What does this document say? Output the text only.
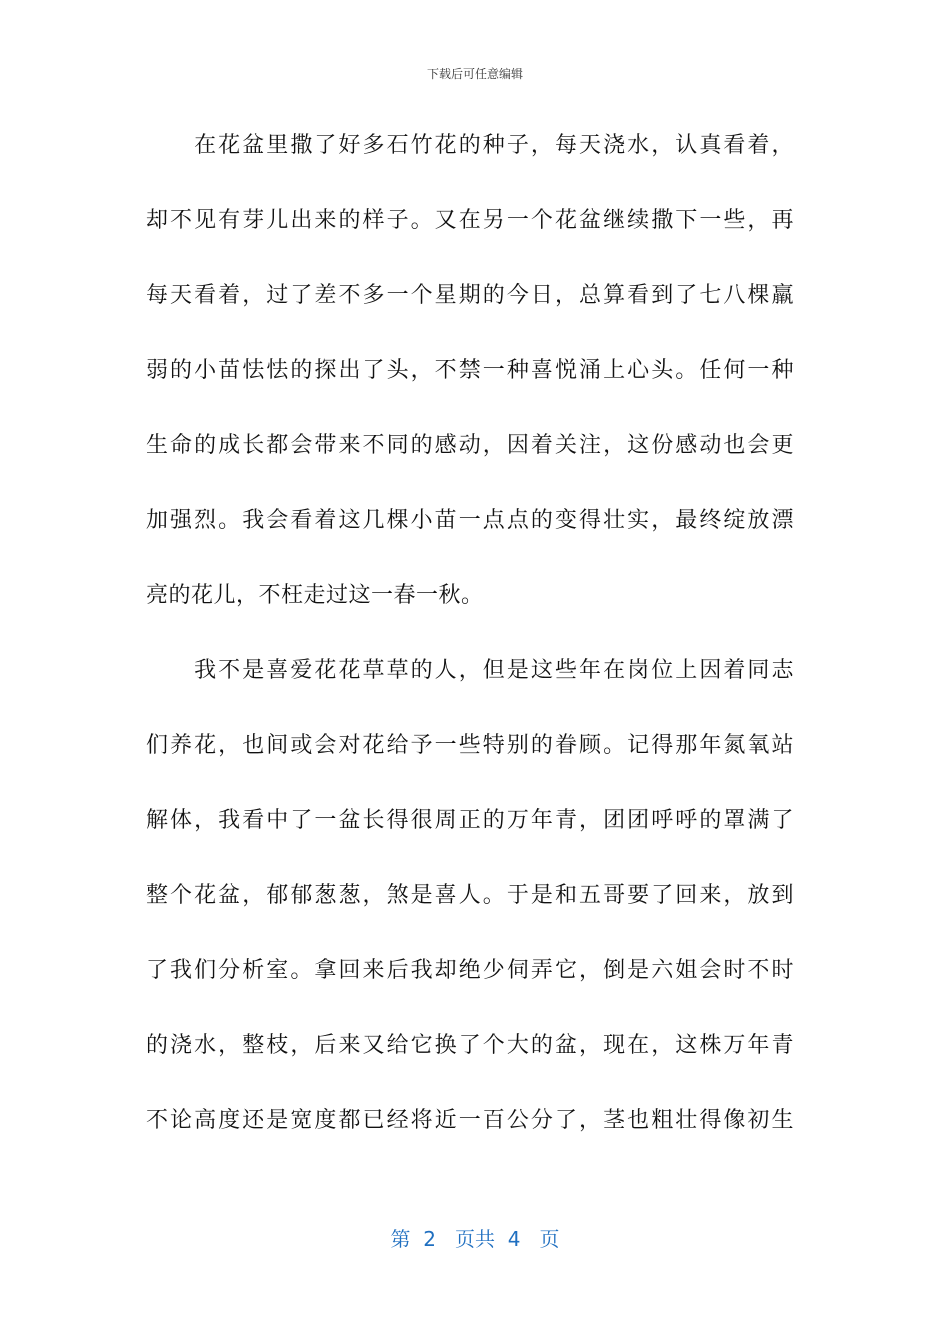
下载后可任意编辑
　　在花盆里撒了好多石竹花的种子，每天浇水，认真看着，
却不见有芽儿出来的样子。又在另一个花盆继续撒下一些，再
每天看着，过了差不多一个星期的今日，总算看到了七八棵羸
弱的小苗怯怯的探出了头，不禁一种喜悦涌上心头。任何一种
生命的成长都会带来不同的感动，因着关注，这份感动也会更
加强烈。我会看着这几棵小苗一点点的变得壮实，最终绽放漂
亮的花儿，不枉走过这一春一秋。
　　我不是喜爱花花草草的人，但是这些年在岗位上因着同志
们养花，也间或会对花给予一些特别的眷顾。记得那年氮氧站
解体，我看中了一盆长得很周正的万年青，团团呼呼的罩满了
整个花盆，郁郁葱葱，煞是喜人。于是和五哥要了回来，放到
了我们分析室。拿回来后我却绝少伺弄它，倒是六姐会时不时
的浇水，整枝，后来又给它换了个大的盆，现在，这株万年青
不论高度还是宽度都已经将近一百公分了，茎也粗壮得像初生
第  2   页共  4   页
